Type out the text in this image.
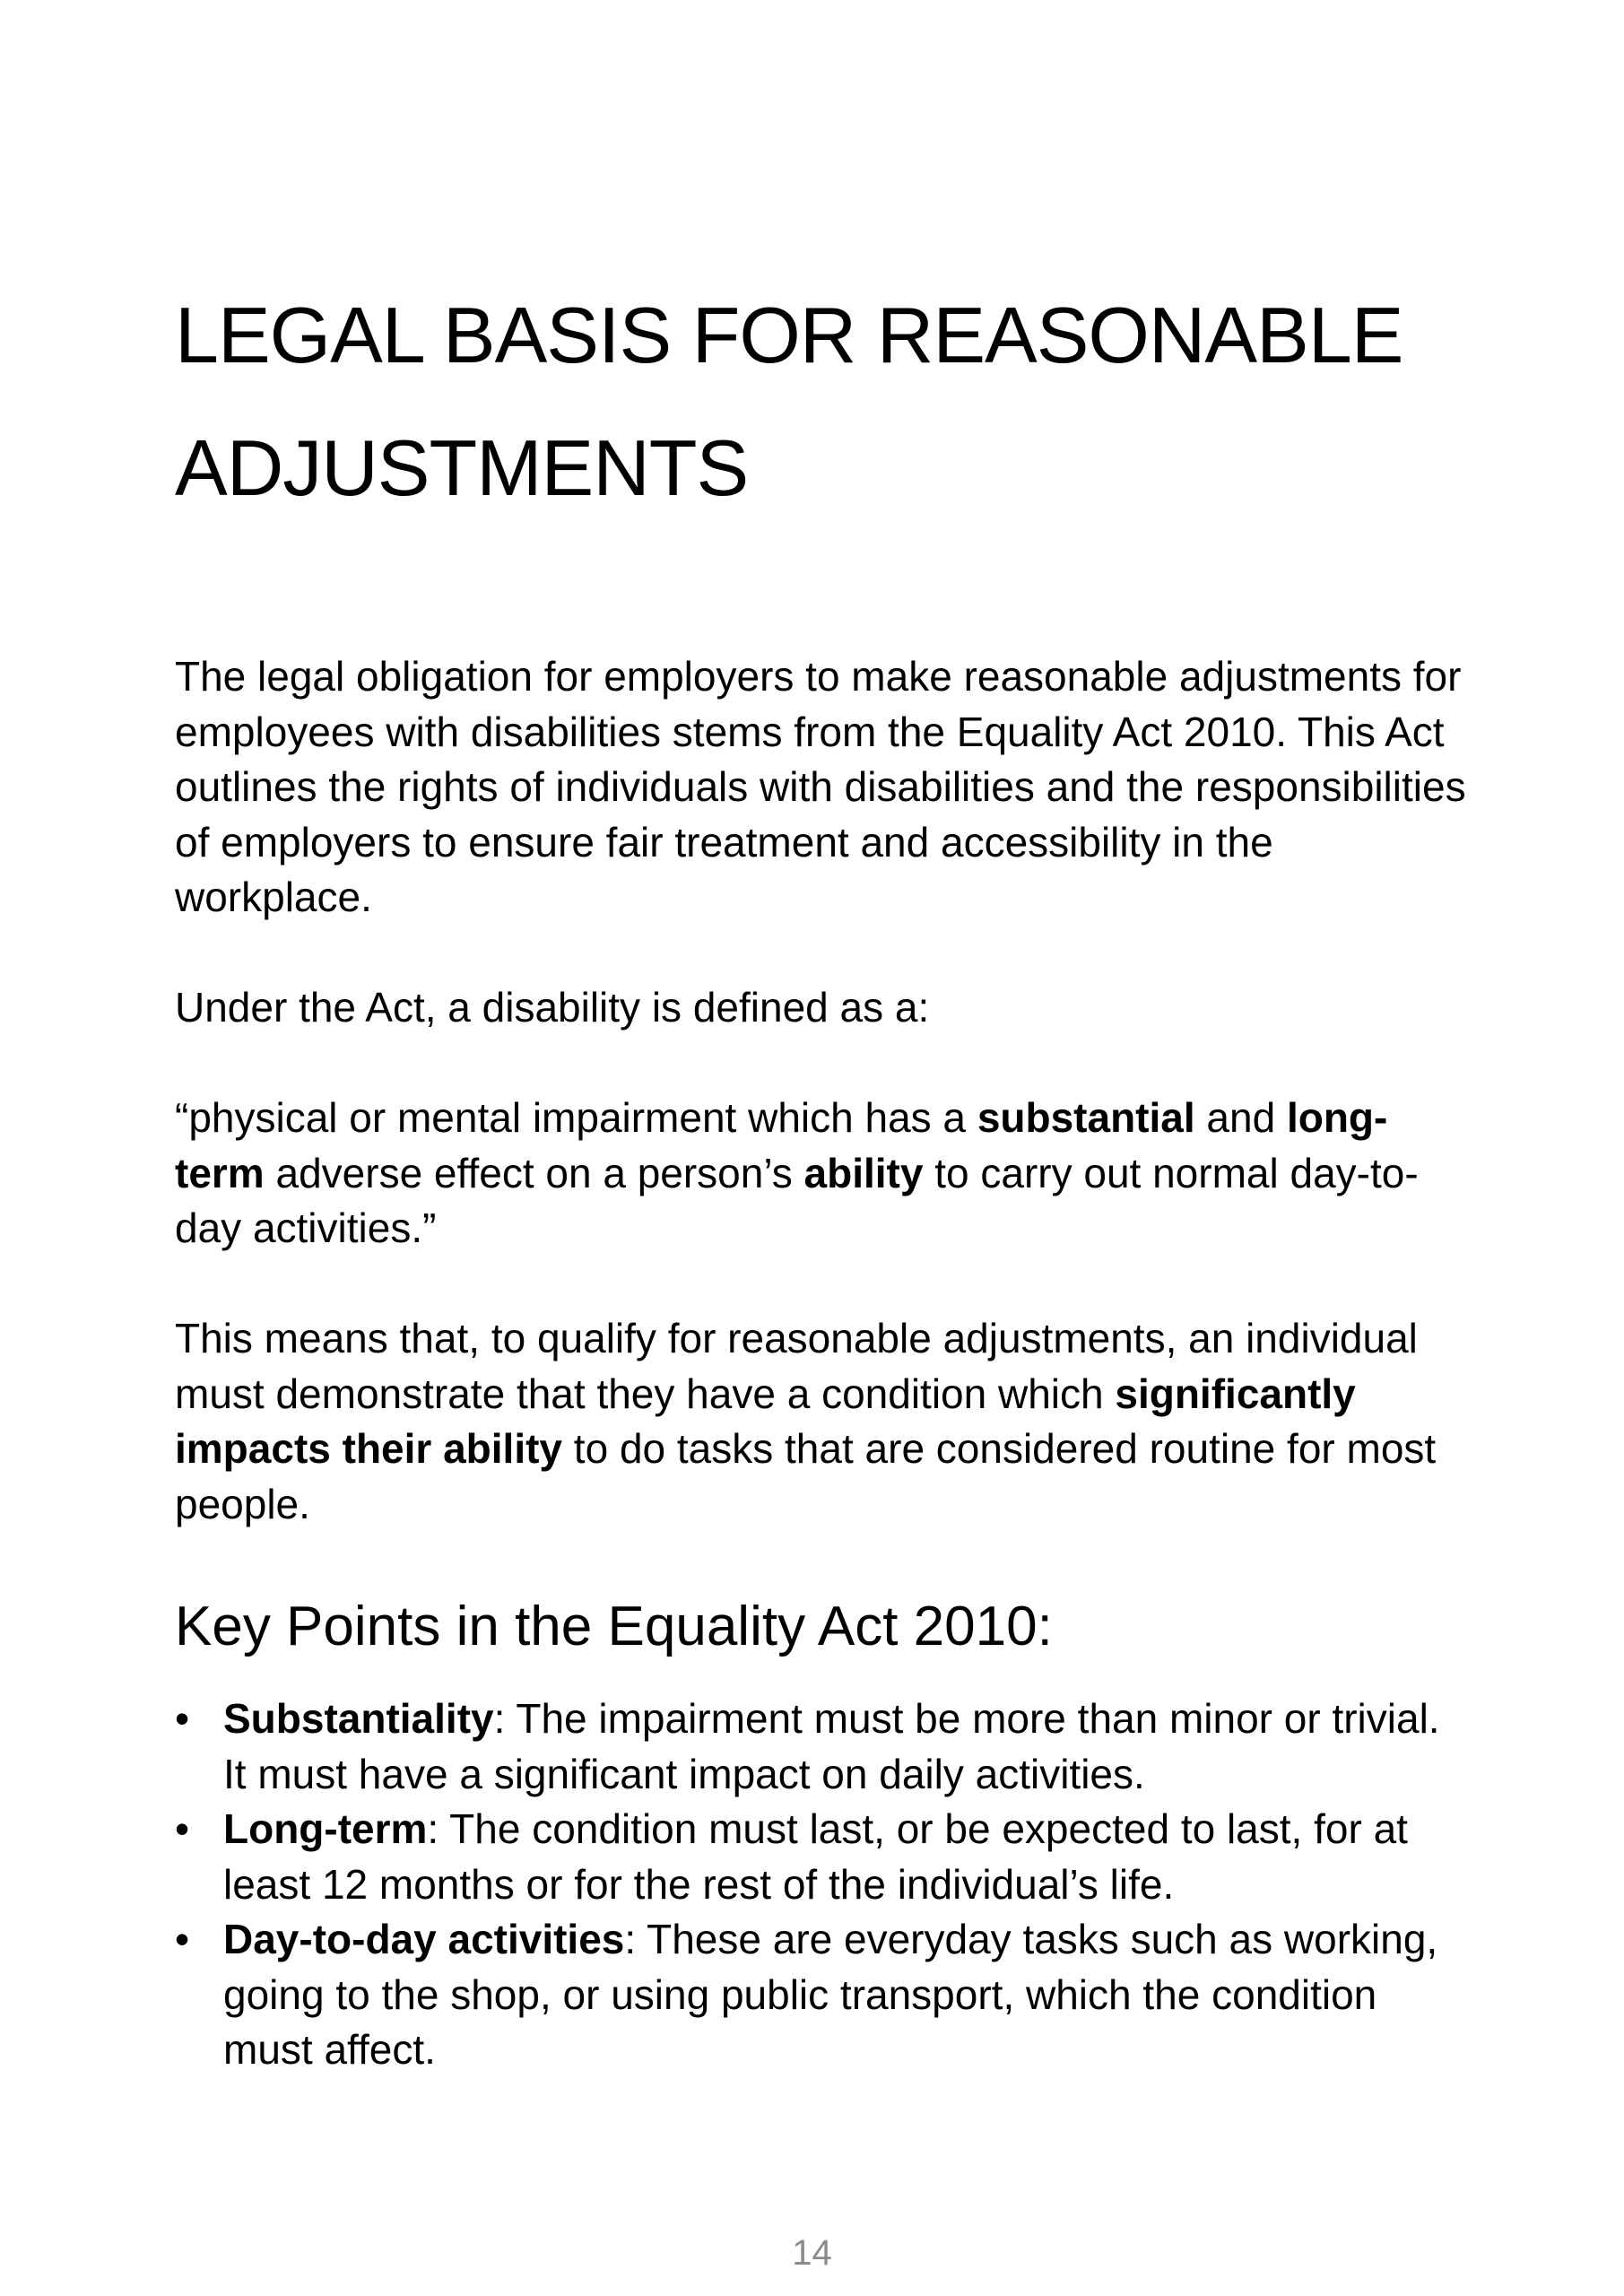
LEGAL BASIS FOR REASONABLE
ADJUSTMENTS

The legal obligation for employers to make reasonable adjustments for employees with disabilities stems from the Equality Act 2010. This Act outlines the rights of individuals with disabilities and the responsibilities of employers to ensure fair treatment and accessibility in the workplace.

Under the Act, a disability is defined as a:

“physical or mental impairment which has a substantial and long-term adverse effect on a person’s ability to carry out normal day-to-day activities.”

This means that, to qualify for reasonable adjustments, an individual must demonstrate that they have a condition which significantly impacts their ability to do tasks that are considered routine for most people.

Key Points in the Equality Act 2010:
• Substantiality: The impairment must be more than minor or trivial. It must have a significant impact on daily activities.
• Long-term: The condition must last, or be expected to last, for at least 12 months or for the rest of the individual’s life.
• Day-to-day activities: These are everyday tasks such as working, going to the shop, or using public transport, which the condition must affect.
14
